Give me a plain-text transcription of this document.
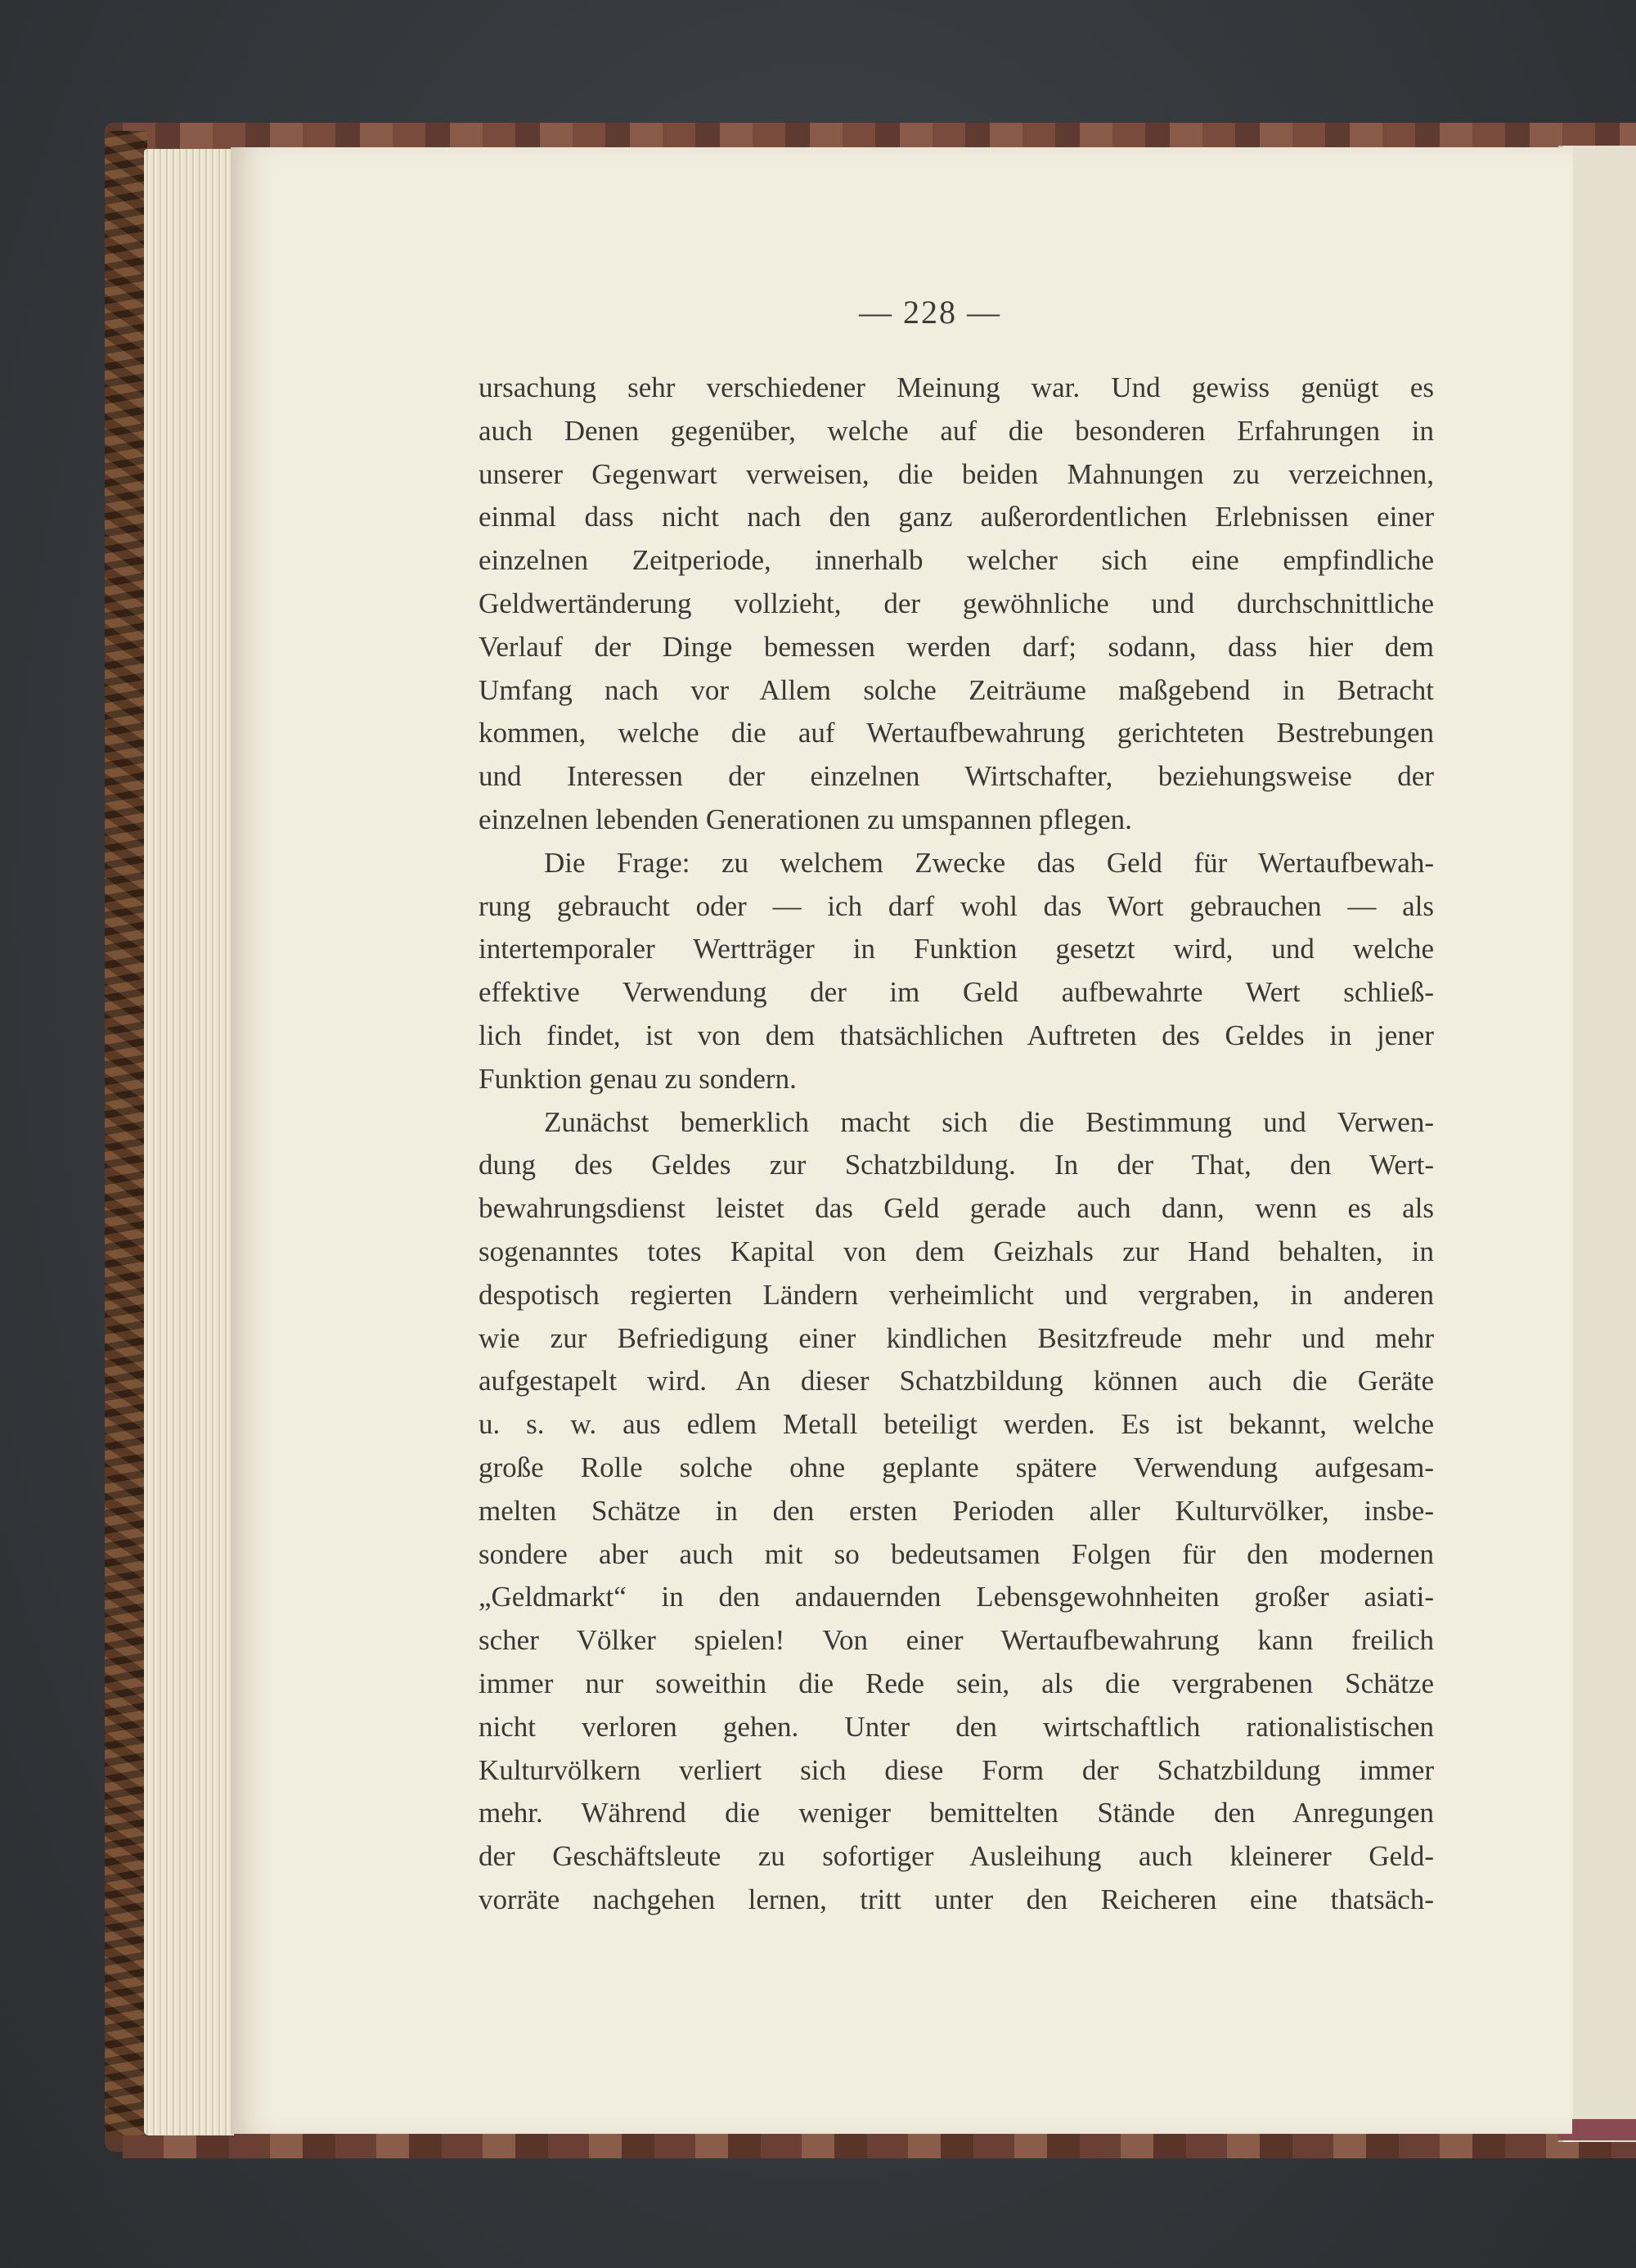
— 228 —
ursachung sehr verschiedener Meinung war. Und gewiss genügt es
auch Denen gegenüber, welche auf die besonderen Erfahrungen in
unserer Gegenwart verweisen, die beiden Mahnungen zu verzeichnen,
einmal dass nicht nach den ganz außerordentlichen Erlebnissen einer
einzelnen Zeitperiode, innerhalb welcher sich eine empfindliche
Geldwertänderung vollzieht, der gewöhnliche und durchschnittliche
Verlauf der Dinge bemessen werden darf; sodann, dass hier dem
Umfang nach vor Allem solche Zeiträume maßgebend in Betracht
kommen, welche die auf Wertaufbewahrung gerichteten Bestrebungen
und Interessen der einzelnen Wirtschafter, beziehungsweise der
einzelnen lebenden Generationen zu umspannen pflegen.
Die Frage: zu welchem Zwecke das Geld für Wertaufbewah-
rung gebraucht oder — ich darf wohl das Wort gebrauchen — als
intertemporaler Wertträger in Funktion gesetzt wird, und welche
effektive Verwendung der im Geld aufbewahrte Wert schließ-
lich findet, ist von dem thatsächlichen Auftreten des Geldes in jener
Funktion genau zu sondern.
Zunächst bemerklich macht sich die Bestimmung und Verwen-
dung des Geldes zur Schatzbildung. In der That, den Wert-
bewahrungsdienst leistet das Geld gerade auch dann, wenn es als
sogenanntes totes Kapital von dem Geizhals zur Hand behalten, in
despotisch regierten Ländern verheimlicht und vergraben, in anderen
wie zur Befriedigung einer kindlichen Besitzfreude mehr und mehr
aufgestapelt wird. An dieser Schatzbildung können auch die Geräte
u. s. w. aus edlem Metall beteiligt werden. Es ist bekannt, welche
große Rolle solche ohne geplante spätere Verwendung aufgesam-
melten Schätze in den ersten Perioden aller Kulturvölker, insbe-
sondere aber auch mit so bedeutsamen Folgen für den modernen
„Geldmarkt“ in den andauernden Lebensgewohnheiten großer asiati-
scher Völker spielen! Von einer Wertaufbewahrung kann freilich
immer nur soweithin die Rede sein, als die vergrabenen Schätze
nicht verloren gehen. Unter den wirtschaftlich rationalistischen
Kulturvölkern verliert sich diese Form der Schatzbildung immer
mehr. Während die weniger bemittelten Stände den Anregungen
der Geschäftsleute zu sofortiger Ausleihung auch kleinerer Geld-
vorräte nachgehen lernen, tritt unter den Reicheren eine thatsäch-
